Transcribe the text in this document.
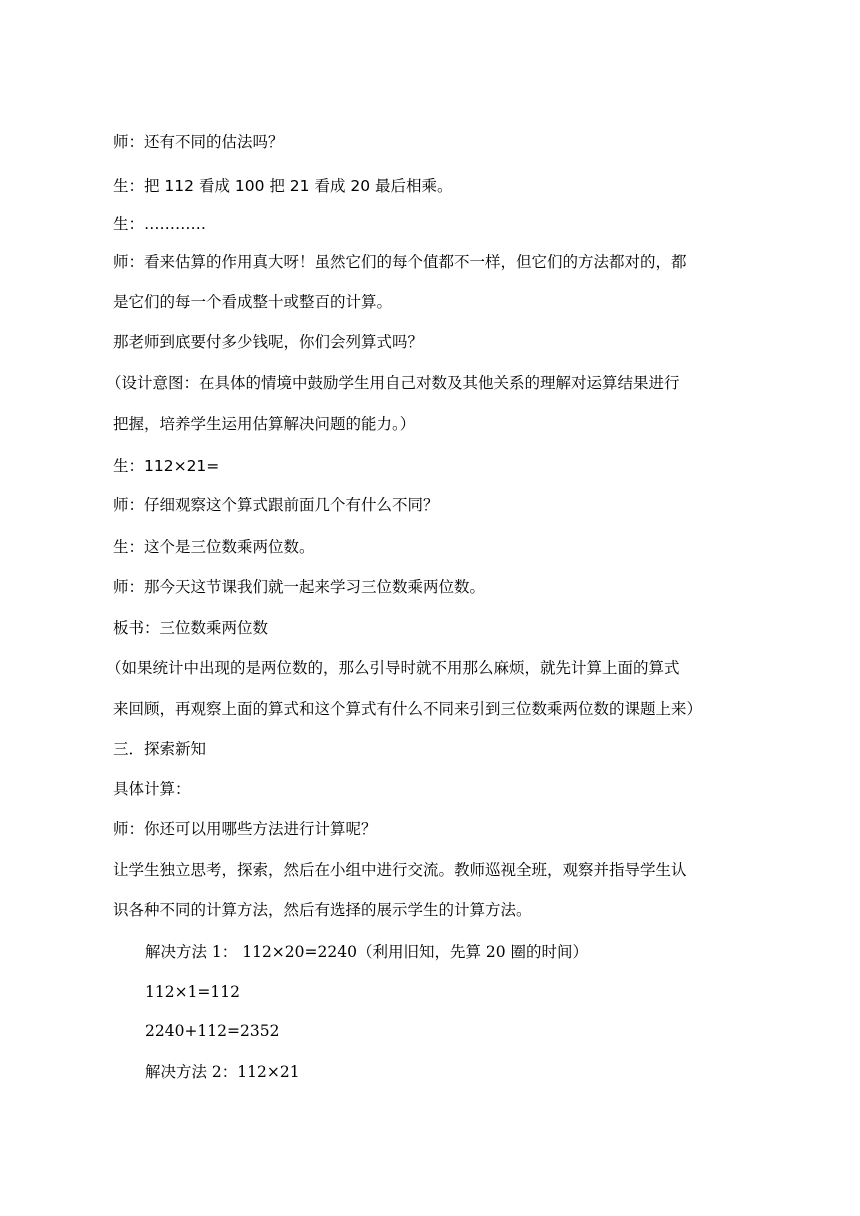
师：还有不同的估法吗？
生：把 112 看成 100 把 21 看成 20 最后相乘。
生：…………
师：看来估算的作用真大呀！虽然它们的每个值都不一样，但它们的方法都对的，都
是它们的每一个看成整十或整百的计算。
那老师到底要付多少钱呢，你们会列算式吗？
（设计意图：在具体的情境中鼓励学生用自己对数及其他关系的理解对运算结果进行
把握，培养学生运用估算解决问题的能力。）
生：112×21=
师：仔细观察这个算式跟前面几个有什么不同？
生：这个是三位数乘两位数。
师：那今天这节课我们就一起来学习三位数乘两位数。
板书：三位数乘两位数
（如果统计中出现的是两位数的，那么引导时就不用那么麻烦，就先计算上面的算式
来回顾，再观察上面的算式和这个算式有什么不同来引到三位数乘两位数的课题上来）
三．探索新知
具体计算：
师：你还可以用哪些方法进行计算呢？
让学生独立思考，探索，然后在小组中进行交流。教师巡视全班，观察并指导学生认
识各种不同的计算方法，然后有选择的展示学生的计算方法。
解决方法 1： 112×20=2240（利用旧知，先算 20 圈的时间）
112×1=112
2240+112=2352
解决方法 2：112×21
